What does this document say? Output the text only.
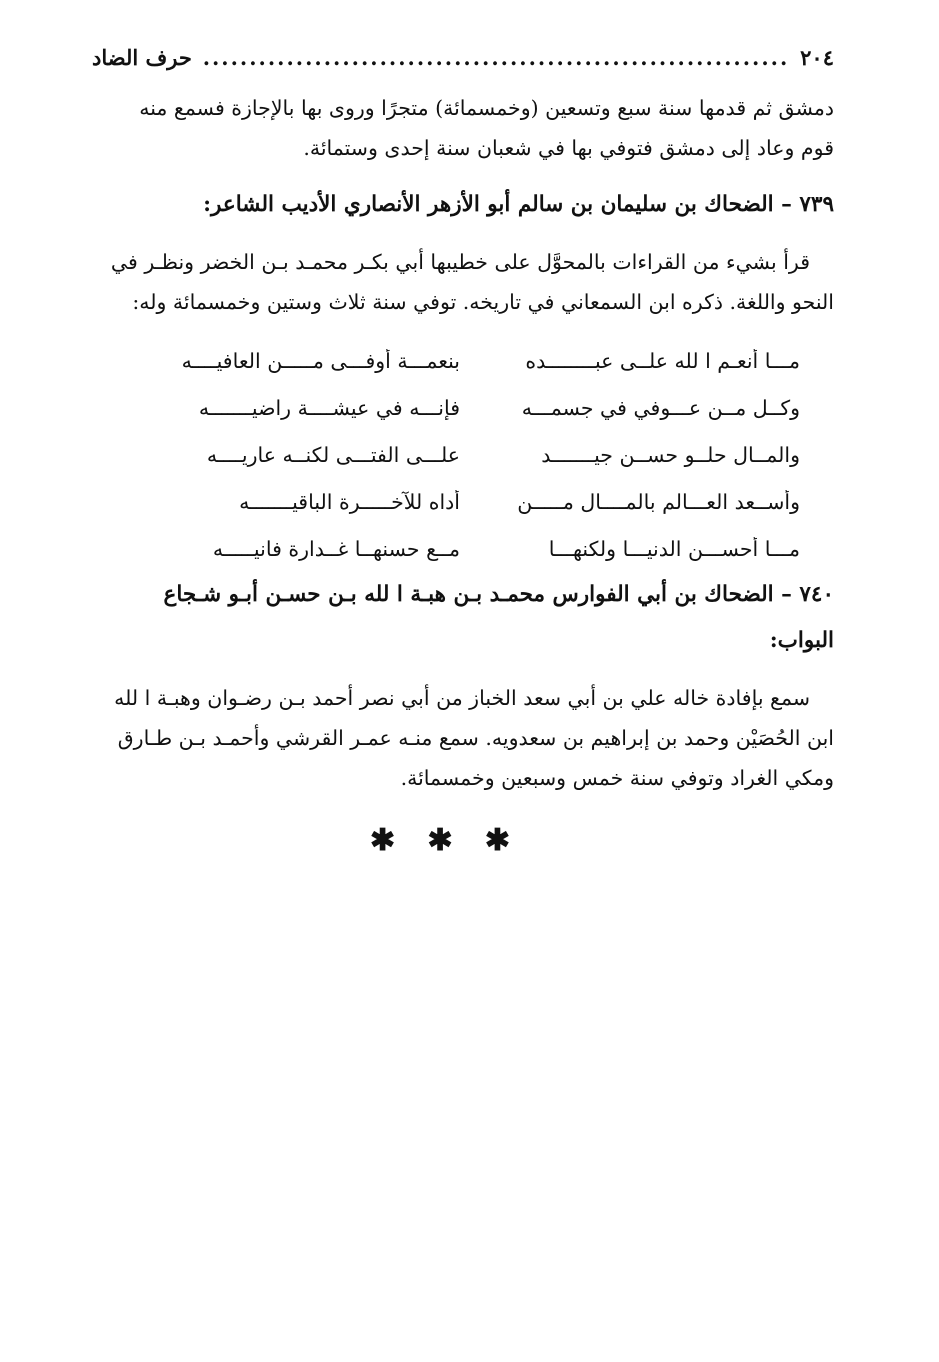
٢٠٤
...............................................................
حرف الضاد
دمشق ثم قدمها سنة سبع وتسعين (وخمسمائة) متجرًا وروى بها بالإجازة فسمع منه
قوم وعاد إلى دمشق فتوفي بها في شعبان سنة إحدى وستمائة.
٧٣٩ – الضحاك بن سليمان بن سالم أبو الأزهر الأنصاري الأديب الشاعر:
قرأ بشيء من القراءات بالمحوَّل على خطيبها أبي بكـر محمـد بـن الخضر ونظـر في
النحو واللغة. ذكره ابن السمعاني في تاريخه. توفي سنة ثلاث وستين وخمسمائة وله:
مـــا أنعـم ا لله علــى عبــــــــده
بنعمـــة أوفـــى مـــــن العافيــــه
وكــل مــن عـــوفي في جسمـــه
فإنـــه في عيشــــة راضيـــــــه
والمــال حلــو حســن جيـــــــد
علـــى الفتـــى لكنــه عاريــــه
وأســعد العـــالم بالمــــال مـــــن
أداه للآخـــــرة الباقيـــــــه
مـــا أحســـن الدنيـــا ولكنهـــا
مــع حسنهــا غــدارة فانيـــــه
٧٤٠ – الضحاك بن أبي الفوارس محمـد بـن هبـة ا لله بـن حسـن أبـو شـجاع
البواب:
سمع بإفادة خاله علي بن أبي سعد الخباز من أبي نصر أحمد بـن رضـوان وهبـة ا لله
ابن الحُصَيْن وحمد بن إبراهيم بن سعدويه. سمع منـه عمـر القرشي وأحمـد بـن طـارق
ومكي الغراد وتوفي سنة خمس وسبعين وخمسمائة.
✱
✱
✱
